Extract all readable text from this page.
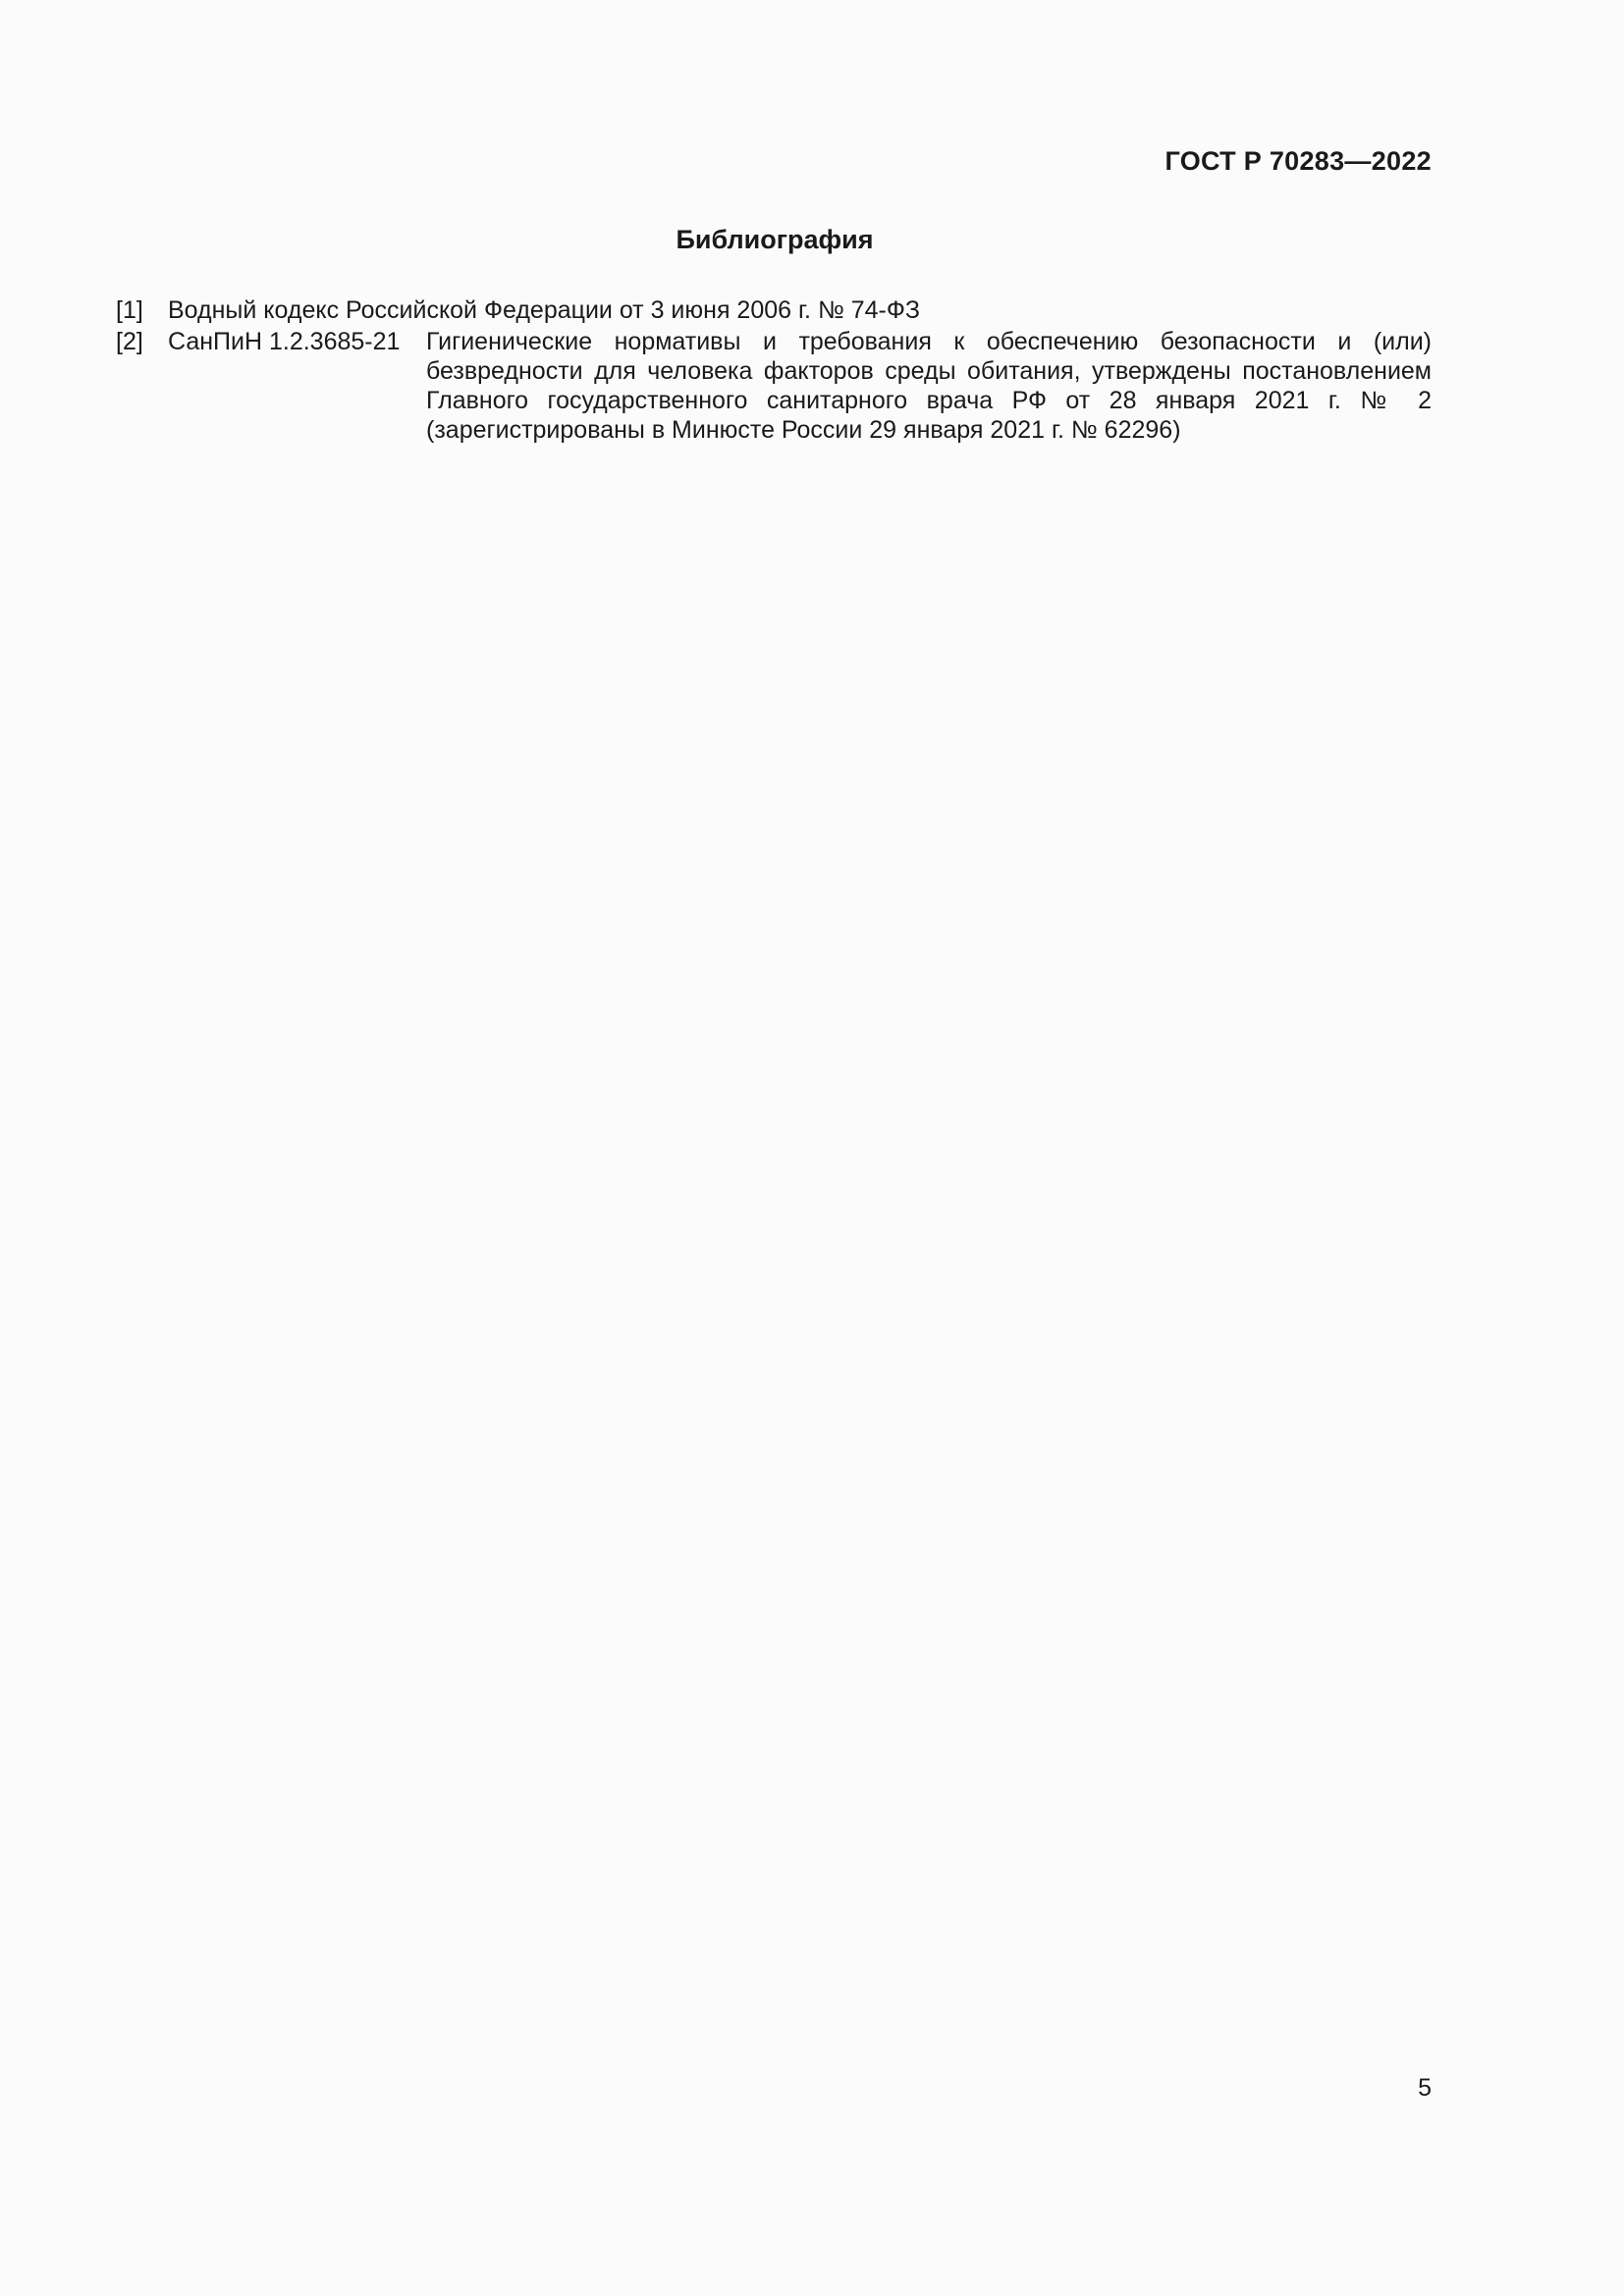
ГОСТ Р 70283—2022
Библиография
[1]	Водный кодекс Российской Федерации от 3 июня 2006 г. № 74-ФЗ
[2]	СанПиН 1.2.3685-21	Гигиенические нормативы и требования к обеспечению безопасности и (или) безвредности для человека факторов среды обитания, утверждены постановлением Главного государственного санитарного врача РФ от 28 января 2021 г. № 2 (зарегистрированы в Минюсте России 29 января 2021 г. № 62296)
5
